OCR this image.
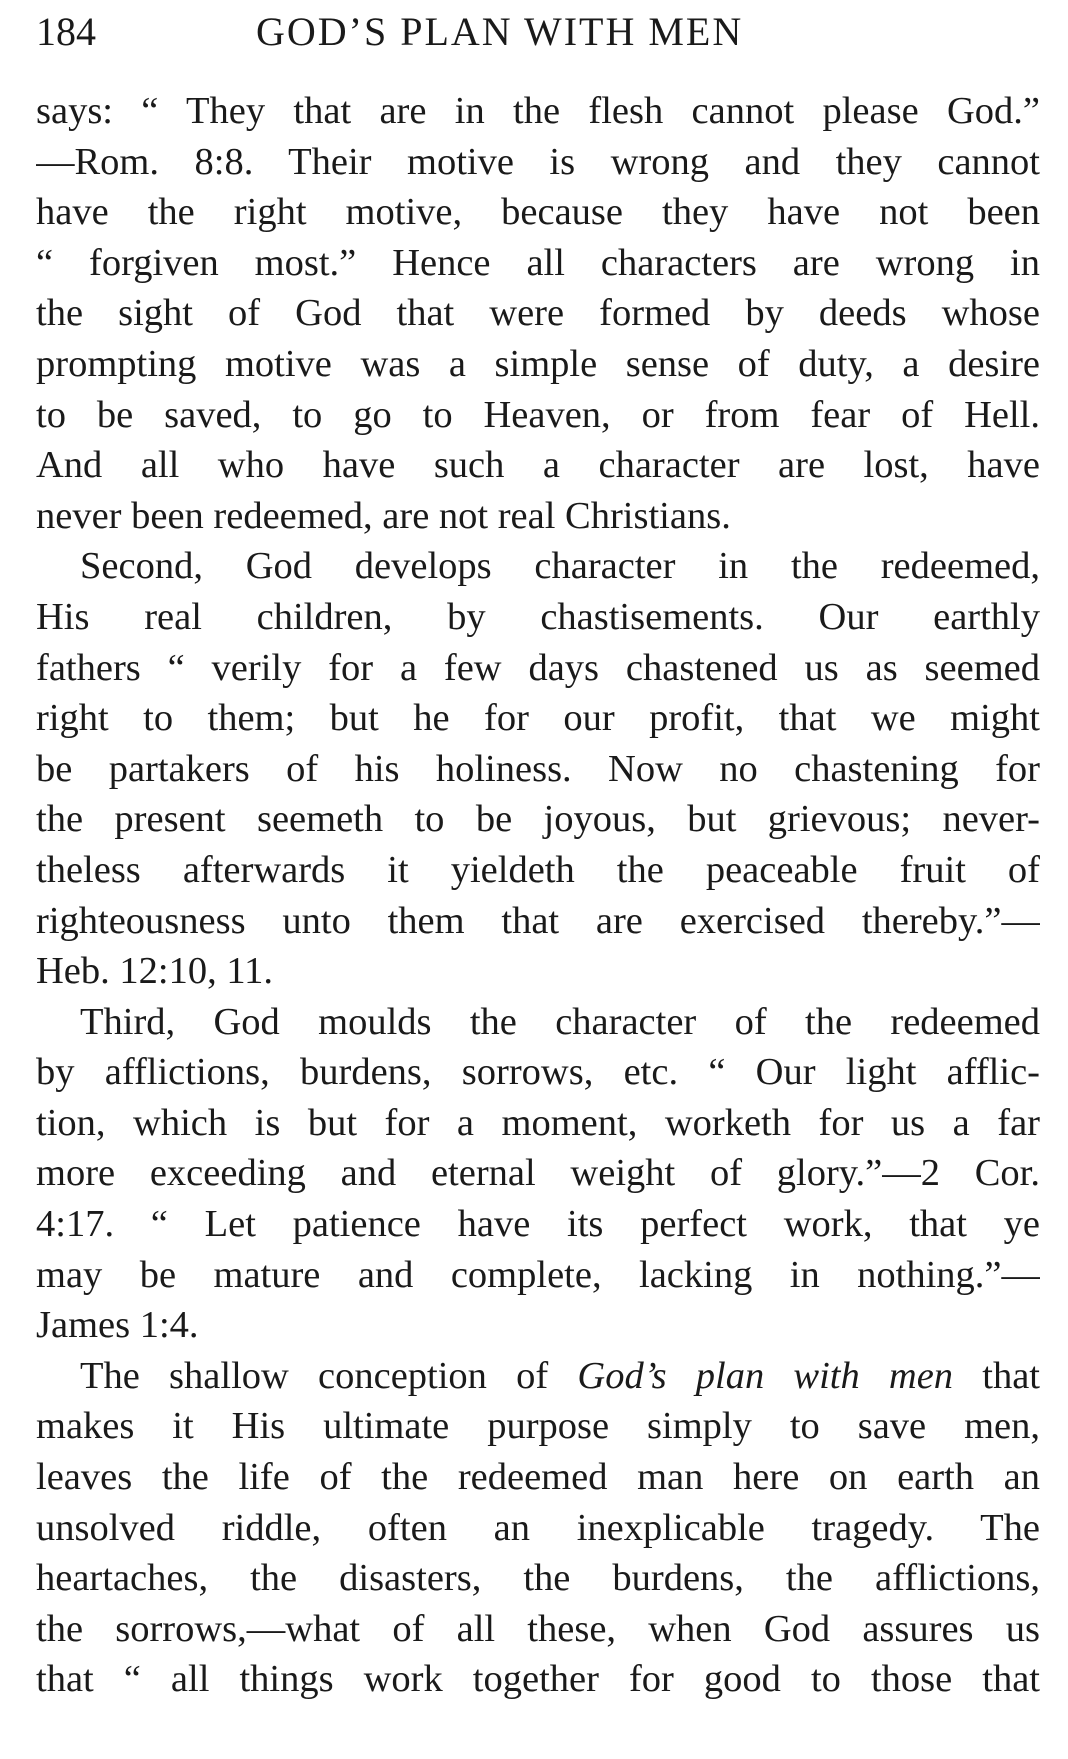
184	GOD’S PLAN WITH MEN
says: “ They that are in the flesh cannot please God.”
—Rom. 8:8. Their motive is wrong and they cannot
have the right motive, because they have not been
“ forgiven most.” Hence all characters are wrong in
the sight of God that were formed by deeds whose
prompting motive was a simple sense of duty, a desire
to be saved, to go to Heaven, or from fear of Hell.
And all who have such a character are lost, have
never been redeemed, are not real Christians.
Second, God develops character in the redeemed,
His real children, by chastisements. Our earthly
fathers “ verily for a few days chastened us as seemed
right to them; but he for our profit, that we might
be partakers of his holiness. Now no chastening for
the present seemeth to be joyous, but grievous; never-
theless afterwards it yieldeth the peaceable fruit of
righteousness unto them that are exercised thereby.”—
Heb. 12:10, 11.
Third, God moulds the character of the redeemed
by afflictions, burdens, sorrows, etc. “ Our light afflic-
tion, which is but for a moment, worketh for us a far
more exceeding and eternal weight of glory.”—2 Cor.
4:17. “ Let patience have its perfect work, that ye
may be mature and complete, lacking in nothing.”—
James 1:4.
The shallow conception of God’s plan with men that
makes it His ultimate purpose simply to save men,
leaves the life of the redeemed man here on earth an
unsolved riddle, often an inexplicable tragedy. The
heartaches, the disasters, the burdens, the afflictions,
the sorrows,—what of all these, when God assures us
that “ all things work together for good to those that
